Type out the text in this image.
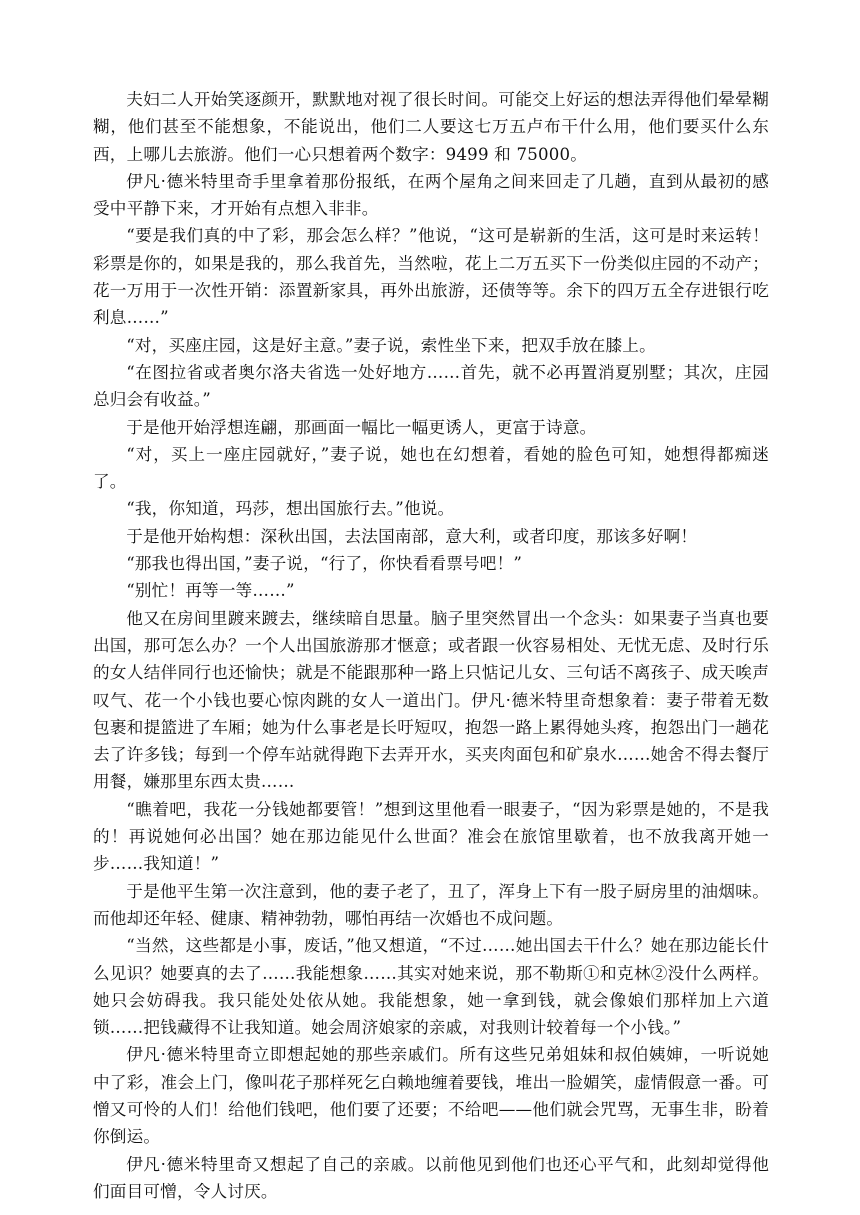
夫妇二人开始笑逐颜开，默默地对视了很长时间。可能交上好运的想法弄得他们晕晕糊糊，他们甚至不能想象，不能说出，他们二人要这七万五卢布干什么用，他们要买什么东西，上哪儿去旅游。他们一心只想着两个数字：9499 和 75000。

伊凡·德米特里奇手里拿着那份报纸，在两个屋角之间来回走了几趟，直到从最初的感受中平静下来，才开始有点想入非非。

“要是我们真的中了彩，那会怎么样？”他说，“这可是崭新的生活，这可是时来运转！彩票是你的，如果是我的，那么我首先，当然啦，花上二万五买下一份类似庄园的不动产；花一万用于一次性开销：添置新家具，再外出旅游，还债等等。余下的四万五全存进银行吃利息……”

“对，买座庄园，这是好主意。”妻子说，索性坐下来，把双手放在膝上。

“在图拉省或者奥尔洛夫省选一处好地方……首先，就不必再置消夏别墅；其次，庄园总归会有收益。”

于是他开始浮想连翩，那画面一幅比一幅更诱人，更富于诗意。

“对，买上一座庄园就好，”妻子说，她也在幻想着，看她的脸色可知，她想得都痴迷了。

“我，你知道，玛莎，想出国旅行去。”他说。

于是他开始构想：深秋出国，去法国南部，意大利，或者印度，那该多好啊！

“那我也得出国，”妻子说，“行了，你快看看票号吧！”

“别忙！再等一等……”

他又在房间里踱来踱去，继续暗自思量。脑子里突然冒出一个念头：如果妻子当真也要出国，那可怎么办？一个人出国旅游那才惬意；或者跟一伙容易相处、无忧无虑、及时行乐的女人结伴同行也还愉快；就是不能跟那种一路上只惦记儿女、三句话不离孩子、成天唉声叹气、花一个小钱也要心惊肉跳的女人一道出门。伊凡·德米特里奇想象着：妻子带着无数包裹和提篮进了车厢；她为什么事老是长吁短叹，抱怨一路上累得她头疼，抱怨出门一趟花去了许多钱；每到一个停车站就得跑下去弄开水，买夹肉面包和矿泉水……她舍不得去餐厅用餐，嫌那里东西太贵……

“瞧着吧，我花一分钱她都要管！”想到这里他看一眼妻子，“因为彩票是她的，不是我的！再说她何必出国？她在那边能见什么世面？准会在旅馆里歇着，也不放我离开她一步……我知道！”

于是他平生第一次注意到，他的妻子老了，丑了，浑身上下有一股子厨房里的油烟味。而他却还年轻、健康、精神勃勃，哪怕再结一次婚也不成问题。

“当然，这些都是小事，废话，”他又想道，“不过……她出国去干什么？她在那边能长什么见识？她要真的去了……我能想象……其实对她来说，那不勒斯①和克林②没什么两样。她只会妨碍我。我只能处处依从她。我能想象，她一拿到钱，就会像娘们那样加上六道锁……把钱藏得不让我知道。她会周济娘家的亲戚，对我则计较着每一个小钱。”

伊凡·德米特里奇立即想起她的那些亲戚们。所有这些兄弟姐妹和叔伯姨婶，一听说她中了彩，准会上门，像叫花子那样死乞白赖地缠着要钱，堆出一脸媚笑，虚情假意一番。可憎又可怜的人们！给他们钱吧，他们要了还要；不给吧——他们就会咒骂，无事生非，盼着你倒运。

伊凡·德米特里奇又想起了自己的亲戚。以前他见到他们也还心平气和，此刻却觉得他们面目可憎，令人讨厌。
